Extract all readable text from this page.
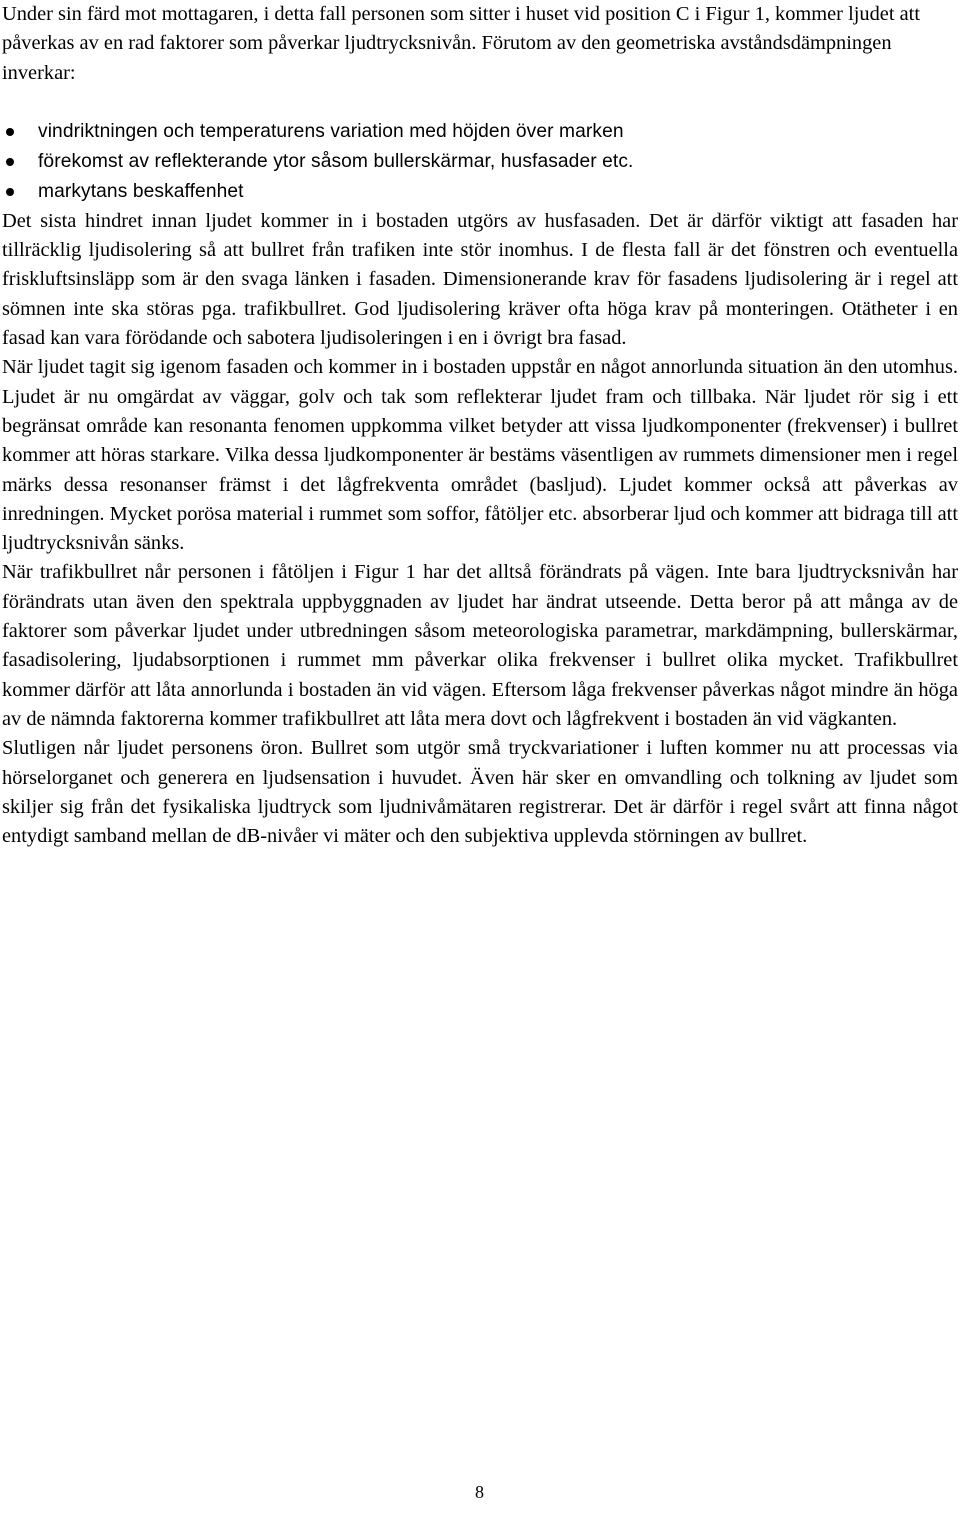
Under sin färd mot mottagaren, i detta fall personen som sitter i huset vid position C i Figur 1, kommer ljudet att påverkas av en rad faktorer som påverkar ljudtrycksnivån. Förutom av den geometriska avståndsdämpningen inverkar:

vindriktningen och temperaturens variation med höjden över marken
förekomst av reflekterande ytor såsom bullerskärmar, husfasader etc.
markytans beskaffenhet

Det sista hindret innan ljudet kommer in i bostaden utgörs av husfasaden. Det är därför viktigt att fasaden har tillräcklig ljudisolering så att bullret från trafiken inte stör inomhus. I de flesta fall är det fönstren och eventuella friskluftsinsläpp som är den svaga länken i fasaden. Dimensionerande krav för fasadens ljudisolering är i regel att sömnen inte ska störas pga. trafikbullret. God ljudisolering kräver ofta höga krav på monteringen. Otätheter i en fasad kan vara förödande och sabotera ljudisoleringen i en i övrigt bra fasad.

När ljudet tagit sig igenom fasaden och kommer in i bostaden uppstår en något annorlunda situation än den utomhus. Ljudet är nu omgärdat av väggar, golv och tak som reflekterar ljudet fram och tillbaka. När ljudet rör sig i ett begränsat område kan resonanta fenomen uppkomma vilket betyder att vissa ljudkomponenter (frekvenser) i bullret kommer att höras starkare. Vilka dessa ljudkomponenter är bestäms väsentligen av rummets dimensioner men i regel märks dessa resonanser främst i det lågfrekventa området (basljud). Ljudet kommer också att påverkas av inredningen. Mycket porösa material i rummet som soffor, fåtöljer etc. absorberar ljud och kommer att bidraga till att ljudtrycksnivån sänks.

När trafikbullret når personen i fåtöljen i Figur 1 har det alltså förändrats på vägen. Inte bara ljudtrycksnivån har förändrats utan även den spektrala uppbyggnaden av ljudet har ändrat utseende. Detta beror på att många av de faktorer som påverkar ljudet under utbredningen såsom meteorologiska parametrar, markdämpning, bullerskärmar, fasadisolering, ljudabsorptionen i rummet mm påverkar olika frekvenser i bullret olika mycket. Trafikbullret kommer därför att låta annorlunda i bostaden än vid vägen. Eftersom låga frekvenser påverkas något mindre än höga av de nämnda faktorerna kommer trafikbullret att låta mera dovt och lågfrekvent i bostaden än vid vägkanten.

Slutligen når ljudet personens öron. Bullret som utgör små tryckvariationer i luften kommer nu att processas via hörselorganet och generera en ljudsensation i huvudet. Även här sker en omvandling och tolkning av ljudet som skiljer sig från det fysikaliska ljudtryck som ljudnivåmätaren registrerar. Det är därför i regel svårt att finna något entydigt samband mellan de dB-nivåer vi mäter och den subjektiva upplevda störningen av bullret.

8
